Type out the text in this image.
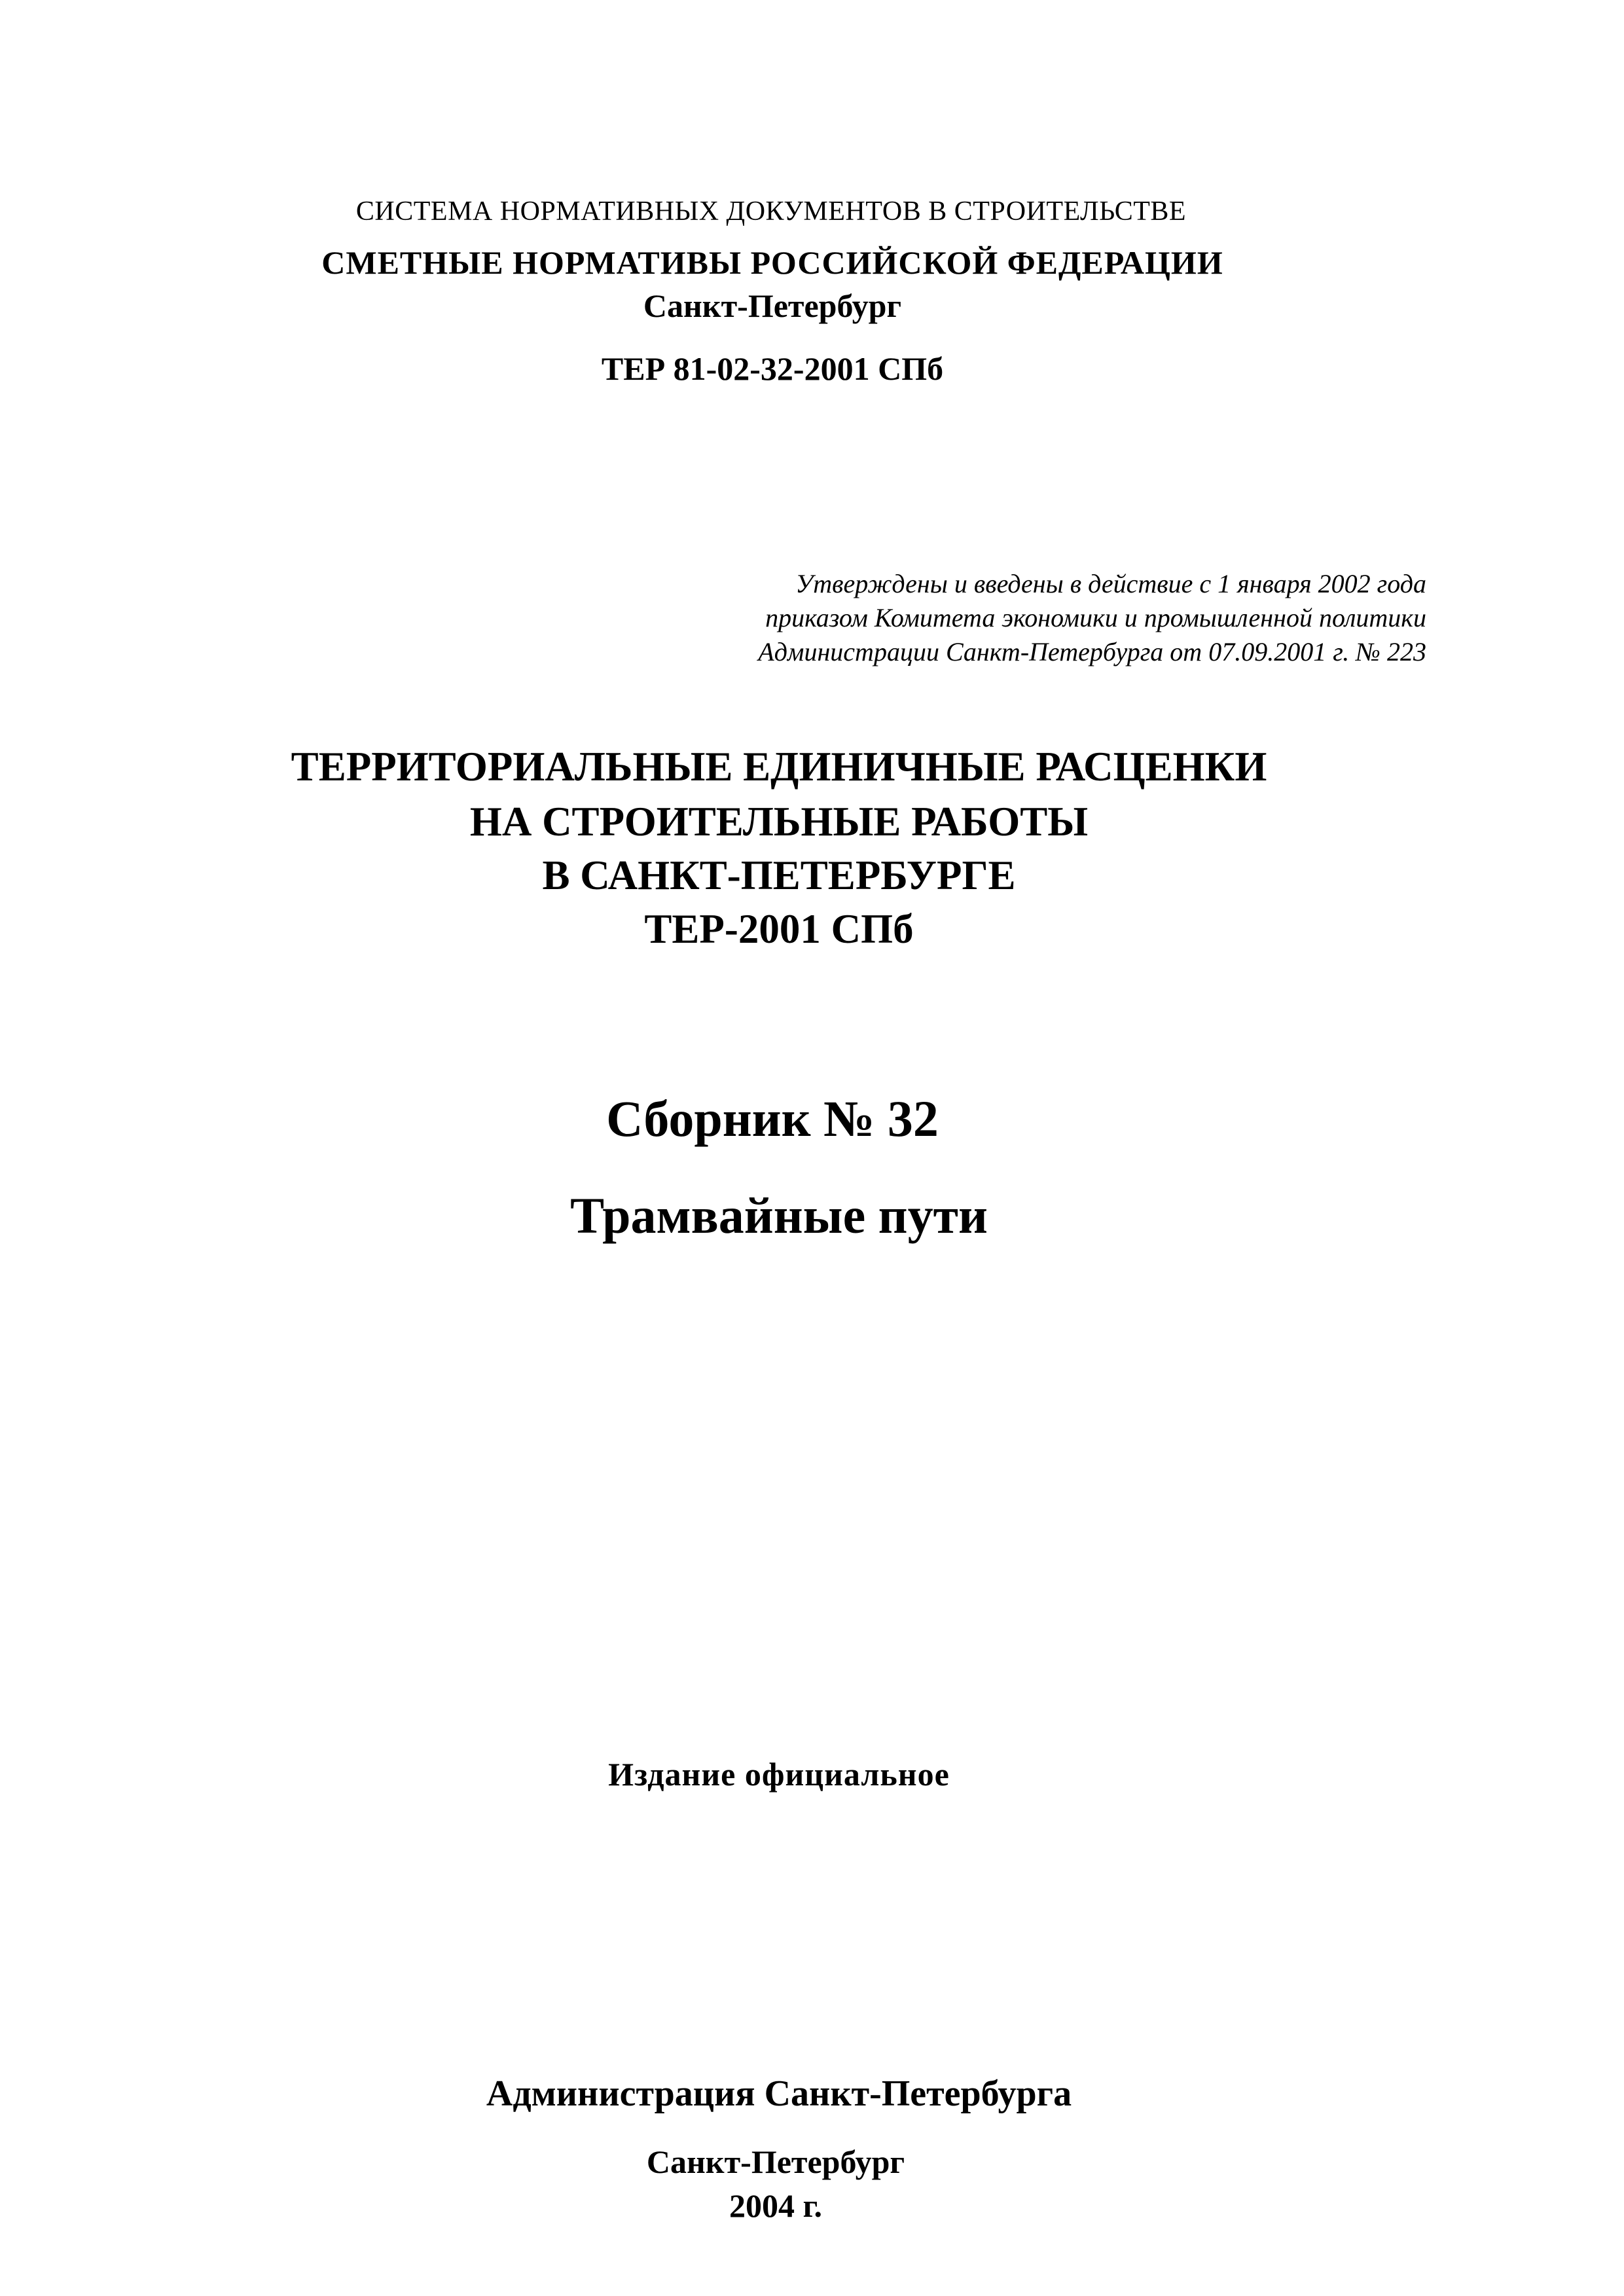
СИСТЕМА НОРМАТИВНЫХ ДОКУМЕНТОВ В СТРОИТЕЛЬСТВЕ
СМЕТНЫЕ НОРМАТИВЫ РОССИЙСКОЙ ФЕДЕРАЦИИ
Санкт-Петербург
ТЕР 81-02-32-2001 СПб
Утверждены и введены в действие с 1 января 2002 года
приказом Комитета экономики и промышленной политики
Администрации Санкт-Петербурга от 07.09.2001 г. № 223
ТЕРРИТОРИАЛЬНЫЕ ЕДИНИЧНЫЕ РАСЦЕНКИ
НА СТРОИТЕЛЬНЫЕ РАБОТЫ
В САНКТ-ПЕТЕРБУРГЕ
ТЕР-2001 СПб
Сборник № 32
Трамвайные пути
Издание официальное
Администрация Санкт-Петербурга
Санкт-Петербург
2004 г.
